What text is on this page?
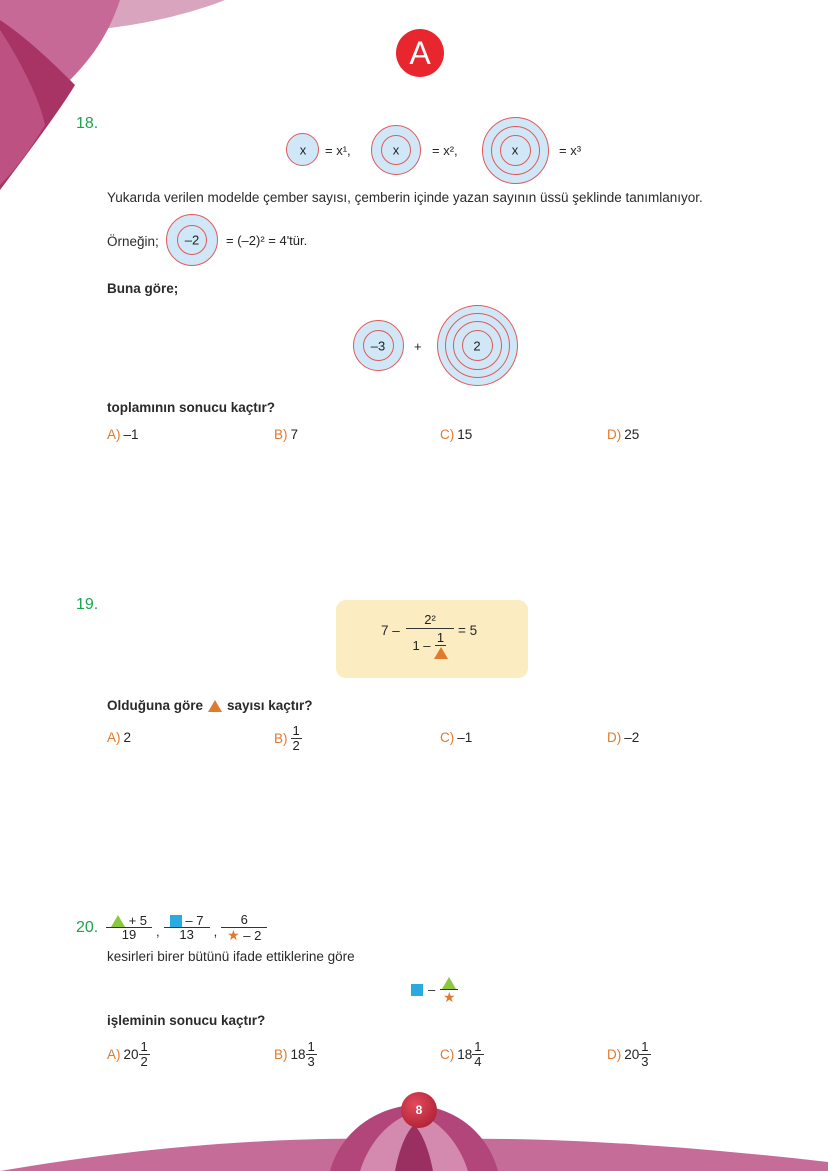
A
18.
x = x¹,	x	= x²,	x	= x³
Yukarıda verilen modelde çember sayısı, çemberin içinde yazan sayının üssü şeklinde tanımlanıyor.
Örneğin; –2 = (–2)² = 4'tür.
Buna göre;
–3 +	2
toplamının sonucu kaçtır?
A) –1	B) 7	C) 15	D) 25
19.
7 – 2²
1 –
1 = 5
Olduğuna göre sayısı kaçtır?
A) 2	$B) \frac{1}{2}$	C) –1	D) –2
20. $\frac{+ 5}{19}$ , $\frac{- 7}{13}$ , $\frac{6}{★ - 2}$
kesirleri birer bütünü ifade ettiklerine göre
– ★
işleminin sonucu kaçtır?
A) $20 \frac{1}{2}$	B) $18 \frac{1}{3}$	C) $18 \frac{1}{4}$	D) $20 \frac{1}{3}$
8
